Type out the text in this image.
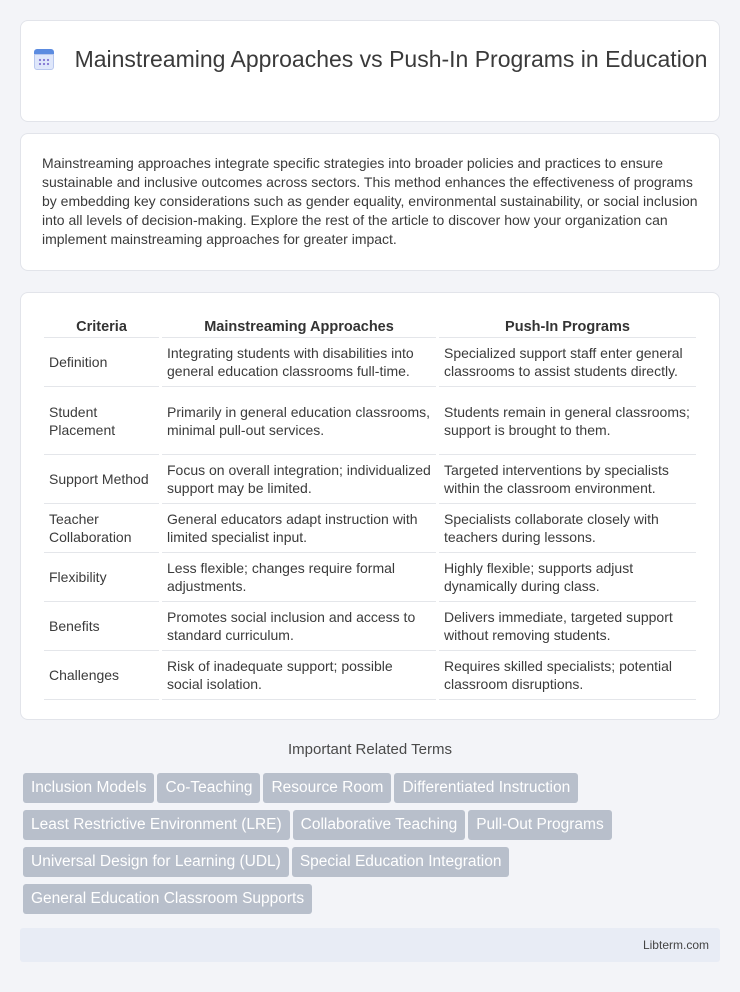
Mainstreaming Approaches vs Push-In Programs in Education

Mainstreaming approaches integrate specific strategies into broader policies and practices to ensure sustainable and inclusive outcomes across sectors. This method enhances the effectiveness of programs by embedding key considerations such as gender equality, environmental sustainability, or social inclusion into all levels of decision-making. Explore the rest of the article to discover how your organization can implement mainstreaming approaches for greater impact.

Criteria	Mainstreaming Approaches	Push-In Programs
Definition	Integrating students with disabilities into general education classrooms full-time.	Specialized support staff enter general classrooms to assist students directly.
Student Placement	Primarily in general education classrooms, minimal pull-out services.	Students remain in general classrooms; support is brought to them.
Support Method	Focus on overall integration; individualized support may be limited.	Targeted interventions by specialists within the classroom environment.
Teacher Collaboration	General educators adapt instruction with limited specialist input.	Specialists collaborate closely with teachers during lessons.
Flexibility	Less flexible; changes require formal adjustments.	Highly flexible; supports adjust dynamically during class.
Benefits	Promotes social inclusion and access to standard curriculum.	Delivers immediate, targeted support without removing students.
Challenges	Risk of inadequate support; possible social isolation.	Requires skilled specialists; potential classroom disruptions.
Important Related Terms
Inclusion Models Co-Teaching Resource Room Differentiated Instruction
Least Restrictive Environment (LRE) Collaborative Teaching Pull-Out Programs
Universal Design for Learning (UDL) Special Education Integration
General Education Classroom Supports
Libterm.com
